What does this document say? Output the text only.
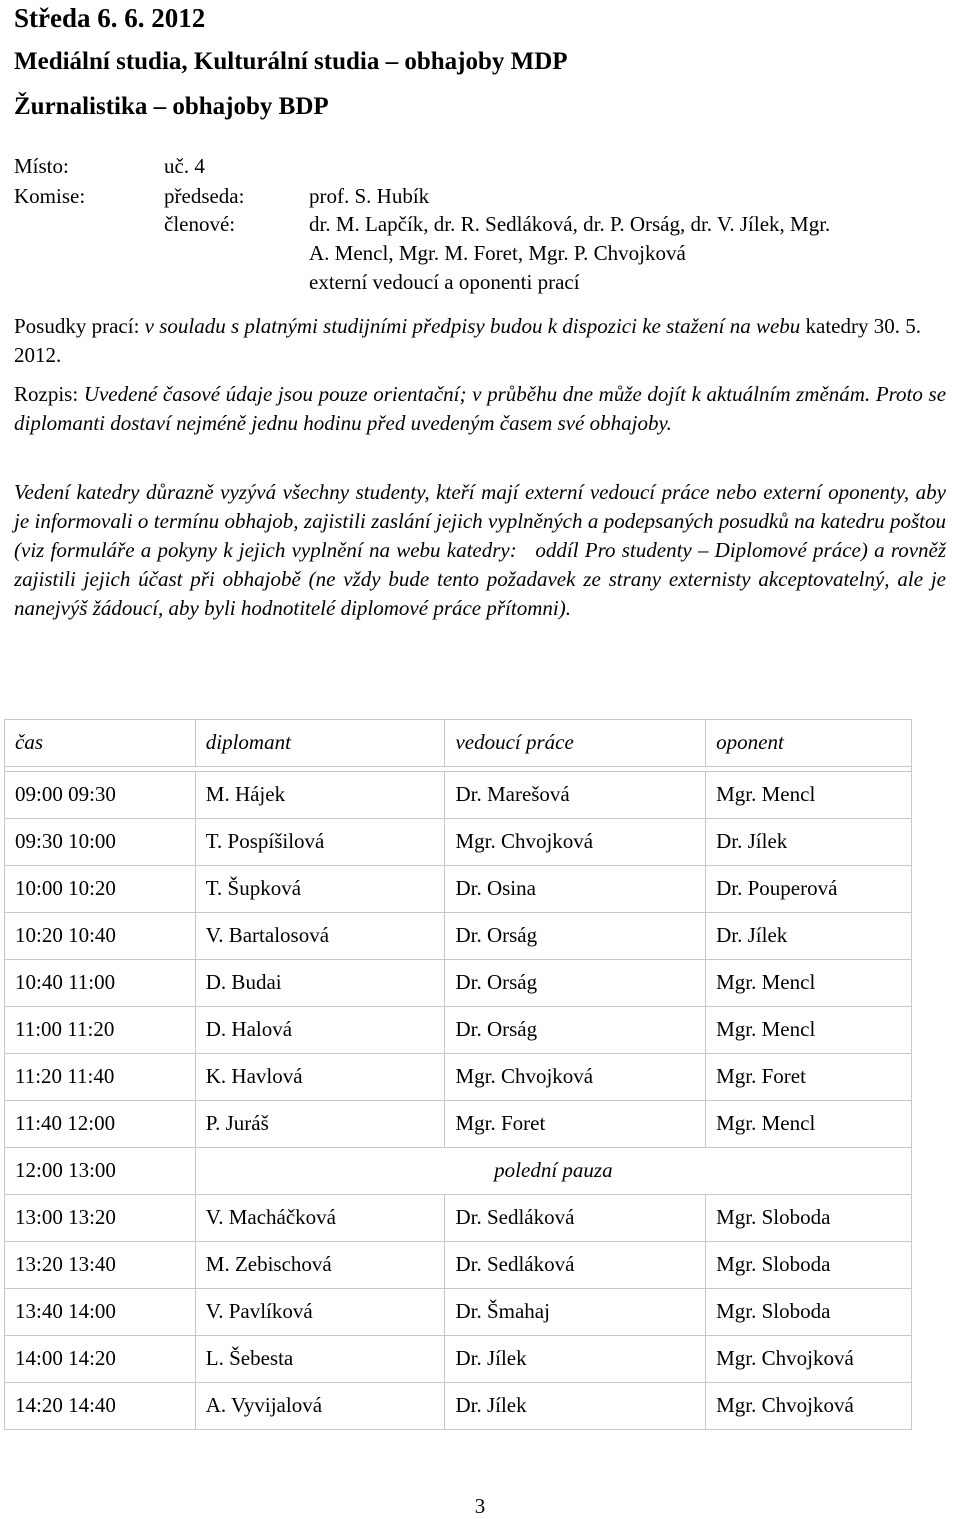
Středa 6. 6. 2012
Mediální studia, Kulturální studia – obhajoby MDP
Žurnalistika – obhajoby BDP
Místo:	uč. 4
Komise:	předseda:	prof. S. Hubík
členové:	dr. M. Lapčík, dr. R. Sedláková, dr. P. Orság, dr. V. Jílek, Mgr.
A. Mencl, Mgr. M. Foret, Mgr. P. Chvojková
externí vedoucí a oponenti prací
Posudky prací: v souladu s platnými studijními předpisy budou k dispozici ke stažení na webu katedry 30. 5. 2012.
Rozpis: Uvedené časové údaje jsou pouze orientační; v průběhu dne může dojít k aktuálním změnám. Proto se diplomanti dostaví nejméně jednu hodinu před uvedeným časem své obhajoby.
Vedení katedry důrazně vyzývá všechny studenty, kteří mají externí vedoucí práce nebo externí oponenty, aby je informovali o termínu obhajob, zajistili zaslání jejich vyplněných a podepsaných posudků na katedru poštou (viz formuláře a pokyny k jejich vyplnění na webu katedry: oddíl Pro studenty – Diplomové práce) a rovněž zajistili jejich účast při obhajobě (ne vždy bude tento požadavek ze strany externisty akceptovatelný, ale je nanejvýš žádoucí, aby byli hodnotitelé diplomové práce přítomni).
čas	diplomant	vedoucí práce	oponent

09:00 09:30	M. Hájek	Dr. Marešová	Mgr. Mencl
09:30 10:00	T. Pospíšilová	Mgr. Chvojková	Dr. Jílek
10:00 10:20	T. Šupková	Dr. Osina	Dr. Pouperová
10:20 10:40	V. Bartalosová	Dr. Orság	Dr. Jílek
10:40 11:00	D. Budai	Dr. Orság	Mgr. Mencl
11:00 11:20	D. Halová	Dr. Orság	Mgr. Mencl
11:20 11:40	K. Havlová	Mgr. Chvojková	Mgr. Foret
11:40 12:00	P. Juráš	Mgr. Foret	Mgr. Mencl
12:00 13:00	polední pauza		
13:00 13:20	V. Macháčková	Dr. Sedláková	Mgr. Sloboda
13:20 13:40	M. Zebischová	Dr. Sedláková	Mgr. Sloboda
13:40 14:00	V. Pavlíková	Dr. Šmahaj	Mgr. Sloboda
14:00 14:20	L. Šebesta	Dr. Jílek	Mgr. Chvojková
14:20 14:40	A. Vyvijalová	Dr. Jílek	Mgr. Chvojková
3
